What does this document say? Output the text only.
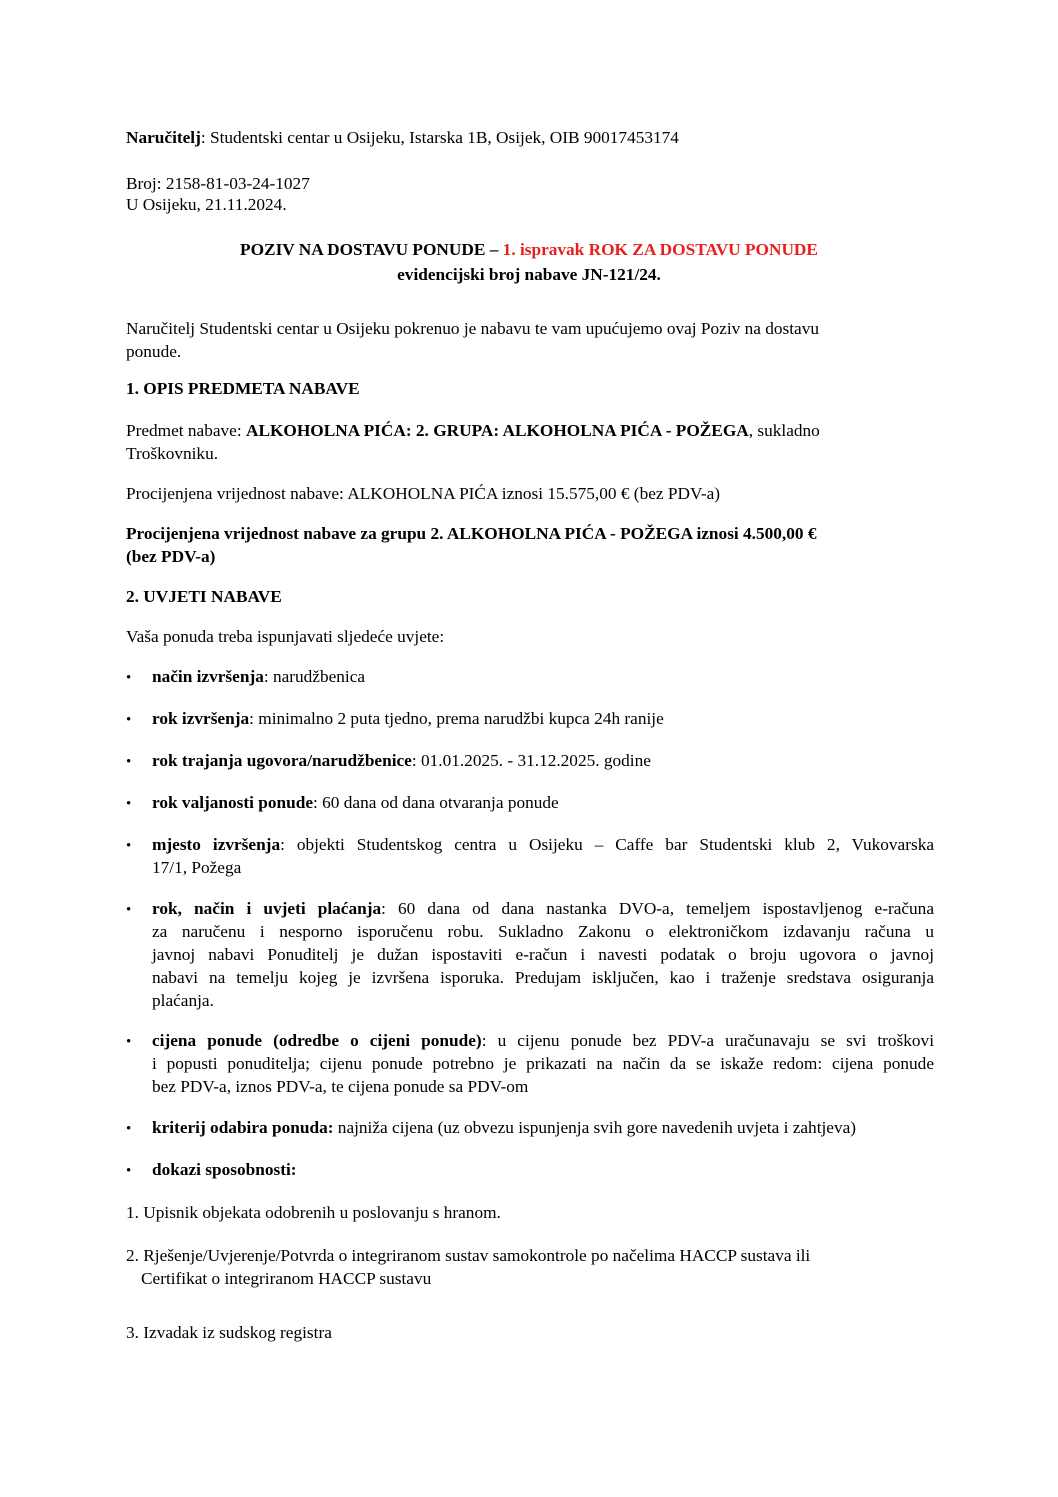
Naručitelj: Studentski centar u Osijeku, Istarska 1B, Osijek, OIB 90017453174
Broj: 2158-81-03-24-1027
U Osijeku, 21.11.2024.
POZIV NA DOSTAVU PONUDE – 1. ispravak ROK ZA DOSTAVU PONUDE
evidencijski broj nabave JN-121/24.
Naručitelj Studentski centar u Osijeku pokrenuo je nabavu te vam upućujemo ovaj Poziv na dostavu
ponude.
1. OPIS PREDMETA NABAVE
Predmet nabave: ALKOHOLNA PIĆA: 2. GRUPA: ALKOHOLNA PIĆA - POŽEGA, sukladno
Troškovniku.
Procijenjena vrijednost nabave: ALKOHOLNA PIĆA iznosi 15.575,00 € (bez PDV-a)
Procijenjena vrijednost nabave za grupu 2. ALKOHOLNA PIĆA - POŽEGA iznosi 4.500,00 €
(bez PDV-a)
2. UVJETI NABAVE
Vaša ponuda treba ispunjavati sljedeće uvjete:
• način izvršenja: narudžbenica
• rok izvršenja: minimalno 2 puta tjedno, prema narudžbi kupca 24h ranije
• rok trajanja ugovora/narudžbenice: 01.01.2025. - 31.12.2025. godine
• rok valjanosti ponude: 60 dana od dana otvaranja ponude
• mjesto izvršenja: objekti Studentskog centra u Osijeku – Caffe bar Studentski klub 2, Vukovarska
17/1, Požega
• rok, način i uvjeti plaćanja: 60 dana od dana nastanka DVO-a, temeljem ispostavljenog e-računa
za naručenu i nesporno isporučenu robu. Sukladno Zakonu o elektroničkom izdavanju računa u
javnoj nabavi Ponuditelj je dužan ispostaviti e-račun i navesti podatak o broju ugovora o javnoj
nabavi na temelju kojeg je izvršena isporuka. Predujam isključen, kao i traženje sredstava osiguranja
plaćanja.
• cijena ponude (odredbe o cijeni ponude): u cijenu ponude bez PDV-a uračunavaju se svi troškovi
i popusti ponuditelja; cijenu ponude potrebno je prikazati na način da se iskaže redom: cijena ponude
bez PDV-a, iznos PDV-a, te cijena ponude sa PDV-om
• kriterij odabira ponuda: najniža cijena (uz obvezu ispunjenja svih gore navedenih uvjeta i zahtjeva)
• dokazi sposobnosti:
1. Upisnik objekata odobrenih u poslovanju s hranom.
2. Rješenje/Uvjerenje/Potvrda o integriranom sustav samokontrole po načelima HACCP sustava ili
Certifikat o integriranom HACCP sustavu
3. Izvadak iz sudskog registra
